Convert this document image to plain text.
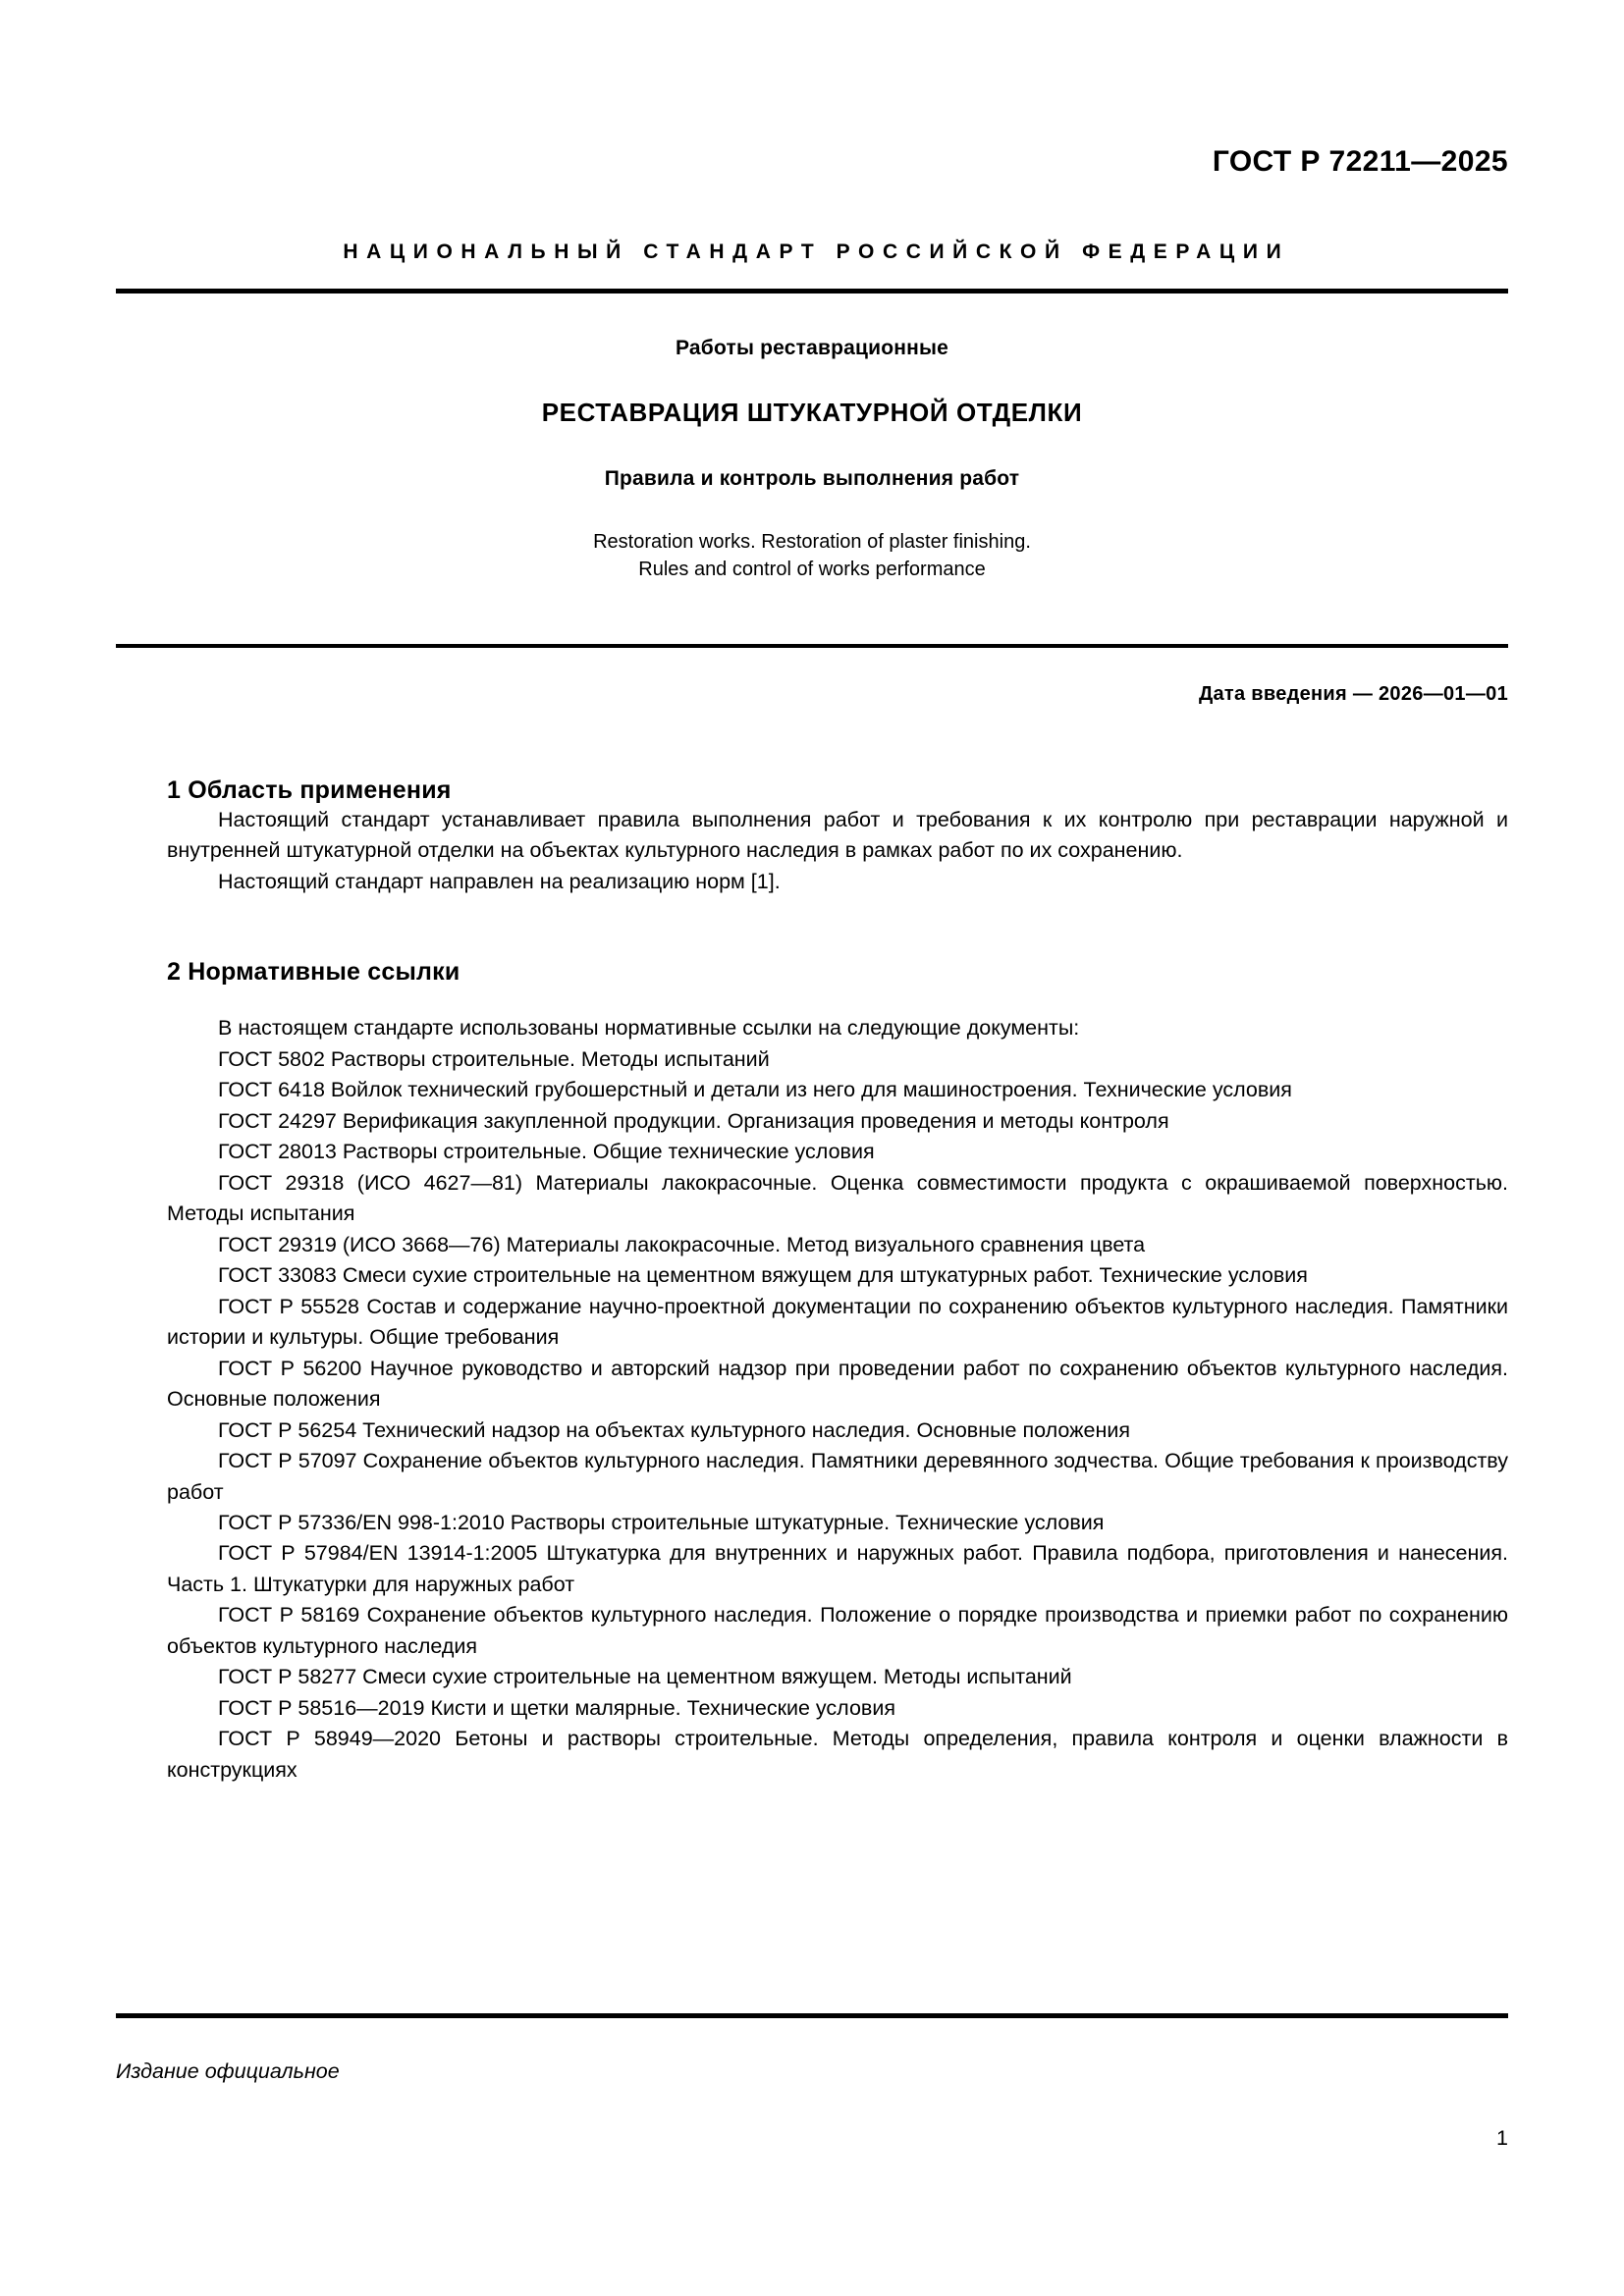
ГОСТ Р 72211—2025
НАЦИОНАЛЬНЫЙ СТАНДАРТ РОССИЙСКОЙ ФЕДЕРАЦИИ
Работы реставрационные
РЕСТАВРАЦИЯ ШТУКАТУРНОЙ ОТДЕЛКИ
Правила и контроль выполнения работ
Restoration works. Restoration of plaster finishing.
Rules and control of works performance
Дата введения — 2026—01—01
1 Область применения

Настоящий стандарт устанавливает правила выполнения работ и требования к их контролю при реставрации наружной и внутренней штукатурной отделки на объектах культурного наследия в рамках работ по их сохранению.

Настоящий стандарт направлен на реализацию норм [1].

2 Нормативные ссылки

В настоящем стандарте использованы нормативные ссылки на следующие документы:

ГОСТ 5802 Растворы строительные. Методы испытаний

ГОСТ 6418 Войлок технический грубошерстный и детали из него для машиностроения. Технические условия

ГОСТ 24297 Верификация закупленной продукции. Организация проведения и методы контроля

ГОСТ 28013 Растворы строительные. Общие технические условия

ГОСТ 29318 (ИСО 4627—81) Материалы лакокрасочные. Оценка совместимости продукта с окрашиваемой поверхностью. Методы испытания

ГОСТ 29319 (ИСО 3668—76) Материалы лакокрасочные. Метод визуального сравнения цвета

ГОСТ 33083 Смеси сухие строительные на цементном вяжущем для штукатурных работ. Технические условия

ГОСТ Р 55528 Состав и содержание научно-проектной документации по сохранению объектов культурного наследия. Памятники истории и культуры. Общие требования

ГОСТ Р 56200 Научное руководство и авторский надзор при проведении работ по сохранению объектов культурного наследия. Основные положения

ГОСТ Р 56254 Технический надзор на объектах культурного наследия. Основные положения

ГОСТ Р 57097 Сохранение объектов культурного наследия. Памятники деревянного зодчества. Общие требования к производству работ

ГОСТ Р 57336/EN 998-1:2010 Растворы строительные штукатурные. Технические условия

ГОСТ Р 57984/EN 13914-1:2005 Штукатурка для внутренних и наружных работ. Правила подбора, приготовления и нанесения. Часть 1. Штукатурки для наружных работ

ГОСТ Р 58169 Сохранение объектов культурного наследия. Положение о порядке производства и приемки работ по сохранению объектов культурного наследия

ГОСТ Р 58277 Смеси сухие строительные на цементном вяжущем. Методы испытаний

ГОСТ Р 58516—2019 Кисти и щетки малярные. Технические условия

ГОСТ Р 58949—2020 Бетоны и растворы строительные. Методы определения, правила контроля и оценки влажности в конструкциях

Издание официальное
1
